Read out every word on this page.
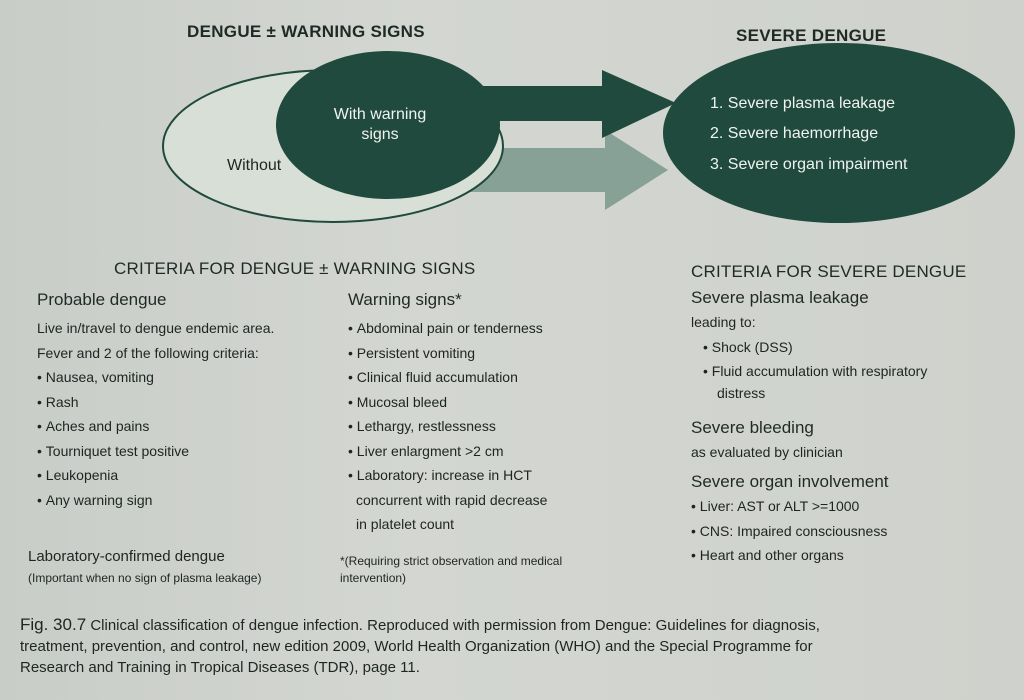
DENGUE ± WARNING SIGNS	SEVERE DENGUE
With warning
signs
Without
1. Severe plasma leakage
2. Severe haemorrhage
3. Severe organ impairment
CRITERIA FOR DENGUE ± WARNING SIGNS
Probable dengue
Live in/travel to dengue endemic area.
Fever and 2 of the following criteria:
• Nausea, vomiting
• Rash
• Aches and pains
• Tourniquet test positive
• Leukopenia
• Any warning sign
Laboratory-confirmed dengue
(Important when no sign of plasma leakage)
Warning signs*
• Abdominal pain or tenderness
• Persistent vomiting
• Clinical fluid accumulation
• Mucosal bleed
• Lethargy, restlessness
• Liver enlargment >2 cm
• Laboratory: increase in HCT
concurrent with rapid decrease
in platelet count
*(Requiring strict observation and medical
intervention)
CRITERIA FOR SEVERE DENGUE
Severe plasma leakage
leading to:
• Shock (DSS)
• Fluid accumulation with respiratory
distress
Severe bleeding
as evaluated by clinician
Severe organ involvement
• Liver: AST or ALT >=1000
• CNS: Impaired consciousness
• Heart and other organs
Fig. 30.7 Clinical classification of dengue infection. Reproduced with permission from Dengue: Guidelines for diagnosis,
treatment, prevention, and control, new edition 2009, World Health Organization (WHO) and the Special Programme for
Research and Training in Tropical Diseases (TDR), page 11.
